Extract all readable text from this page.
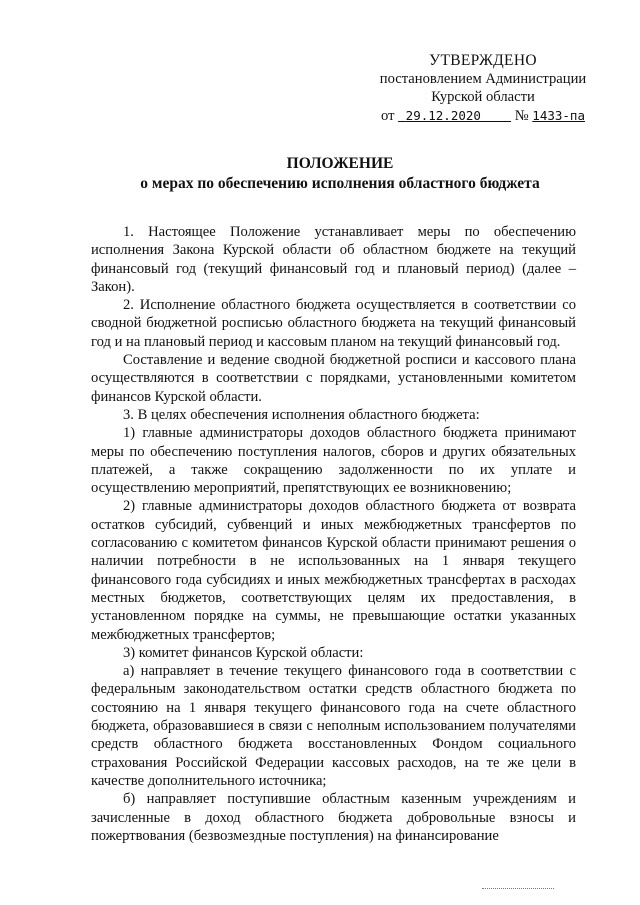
УТВЕРЖДЕНО
постановлением Администрации
Курской области
от 29.12.2020 № 1433-па
ПОЛОЖЕНИЕ
о мерах по обеспечению исполнения областного бюджета

1. Настоящее Положение устанавливает меры по обеспечению исполнения Закона Курской области об областном бюджете на текущий финансовый год (текущий финансовый год и плановый период) (далее – Закон).

2. Исполнение областного бюджета осуществляется в соответствии со сводной бюджетной росписью областного бюджета на текущий финансовый год и на плановый период и кассовым планом на текущий финансовый год.

Составление и ведение сводной бюджетной росписи и кассового плана осуществляются в соответствии с порядками, установленными комитетом финансов Курской области.

3. В целях обеспечения исполнения областного бюджета:

1) главные администраторы доходов областного бюджета принимают меры по обеспечению поступления налогов, сборов и других обязательных платежей, а также сокращению задолженности по их уплате и осуществлению мероприятий, препятствующих ее возникновению;

2) главные администраторы доходов областного бюджета от возврата остатков субсидий, субвенций и иных межбюджетных трансфертов по согласованию с комитетом финансов Курской области принимают решения о наличии потребности в не использованных на 1 января текущего финансового года субсидиях и иных межбюджетных трансфертах в расходах местных бюджетов, соответствующих целям их предоставления, в установленном порядке на суммы, не превышающие остатки указанных межбюджетных трансфертов;

3) комитет финансов Курской области:

а) направляет в течение текущего финансового года в соответствии с федеральным законодательством остатки средств областного бюджета по состоянию на 1 января текущего финансового года на счете областного бюджета, образовавшиеся в связи с неполным использованием получателями средств областного бюджета восстановленных Фондом социального страхования Российской Федерации кассовых расходов, на те же цели в качестве дополнительного источника;

б) направляет поступившие областным казенным учреждениям и зачисленные в доход областного бюджета добровольные взносы и пожертвования (безвозмездные поступления) на финансирование
